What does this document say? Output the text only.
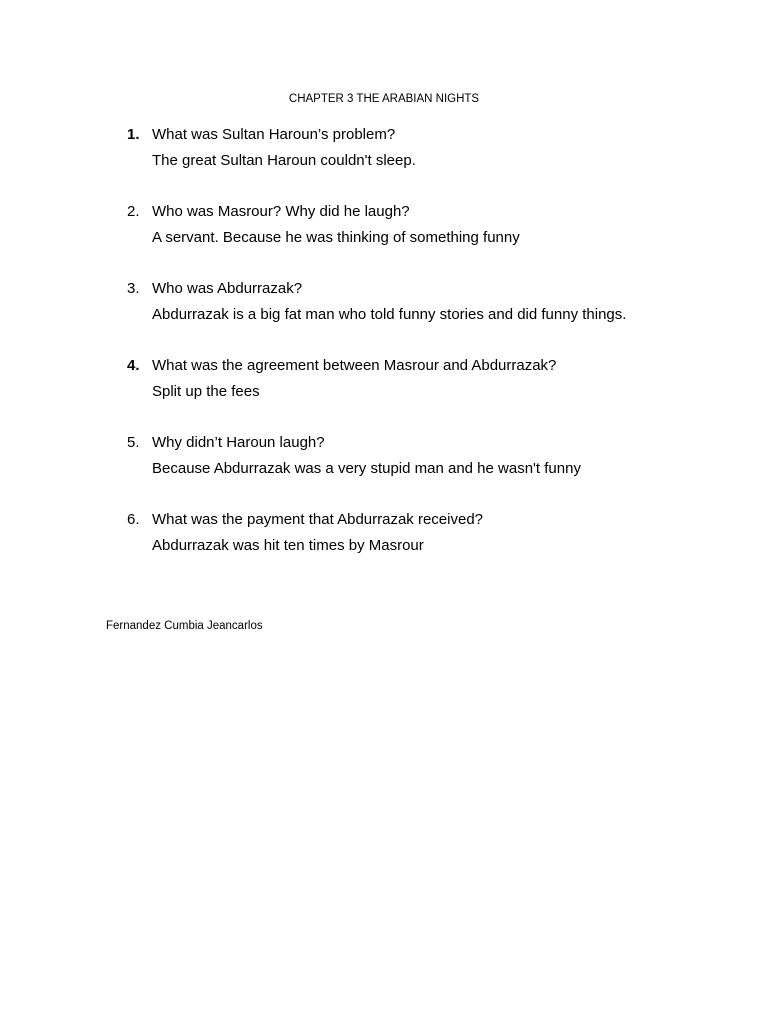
CHAPTER 3 THE ARABIAN NIGHTS
1. What was Sultan Haroun’s problem?
The great Sultan Haroun couldn't sleep.
2. Who was Masrour? Why did he laugh?
A servant. Because he was thinking of something funny
3. Who was Abdurrazak?
Abdurrazak is a big fat man who told funny stories and did funny things.
4. What was the agreement between Masrour and Abdurrazak?
Split up the fees
5. Why didn’t Haroun laugh?
Because Abdurrazak was a very stupid man and he wasn't funny
6. What was the payment that Abdurrazak received?
Abdurrazak was hit ten times by Masrour

Fernandez Cumbia Jeancarlos
